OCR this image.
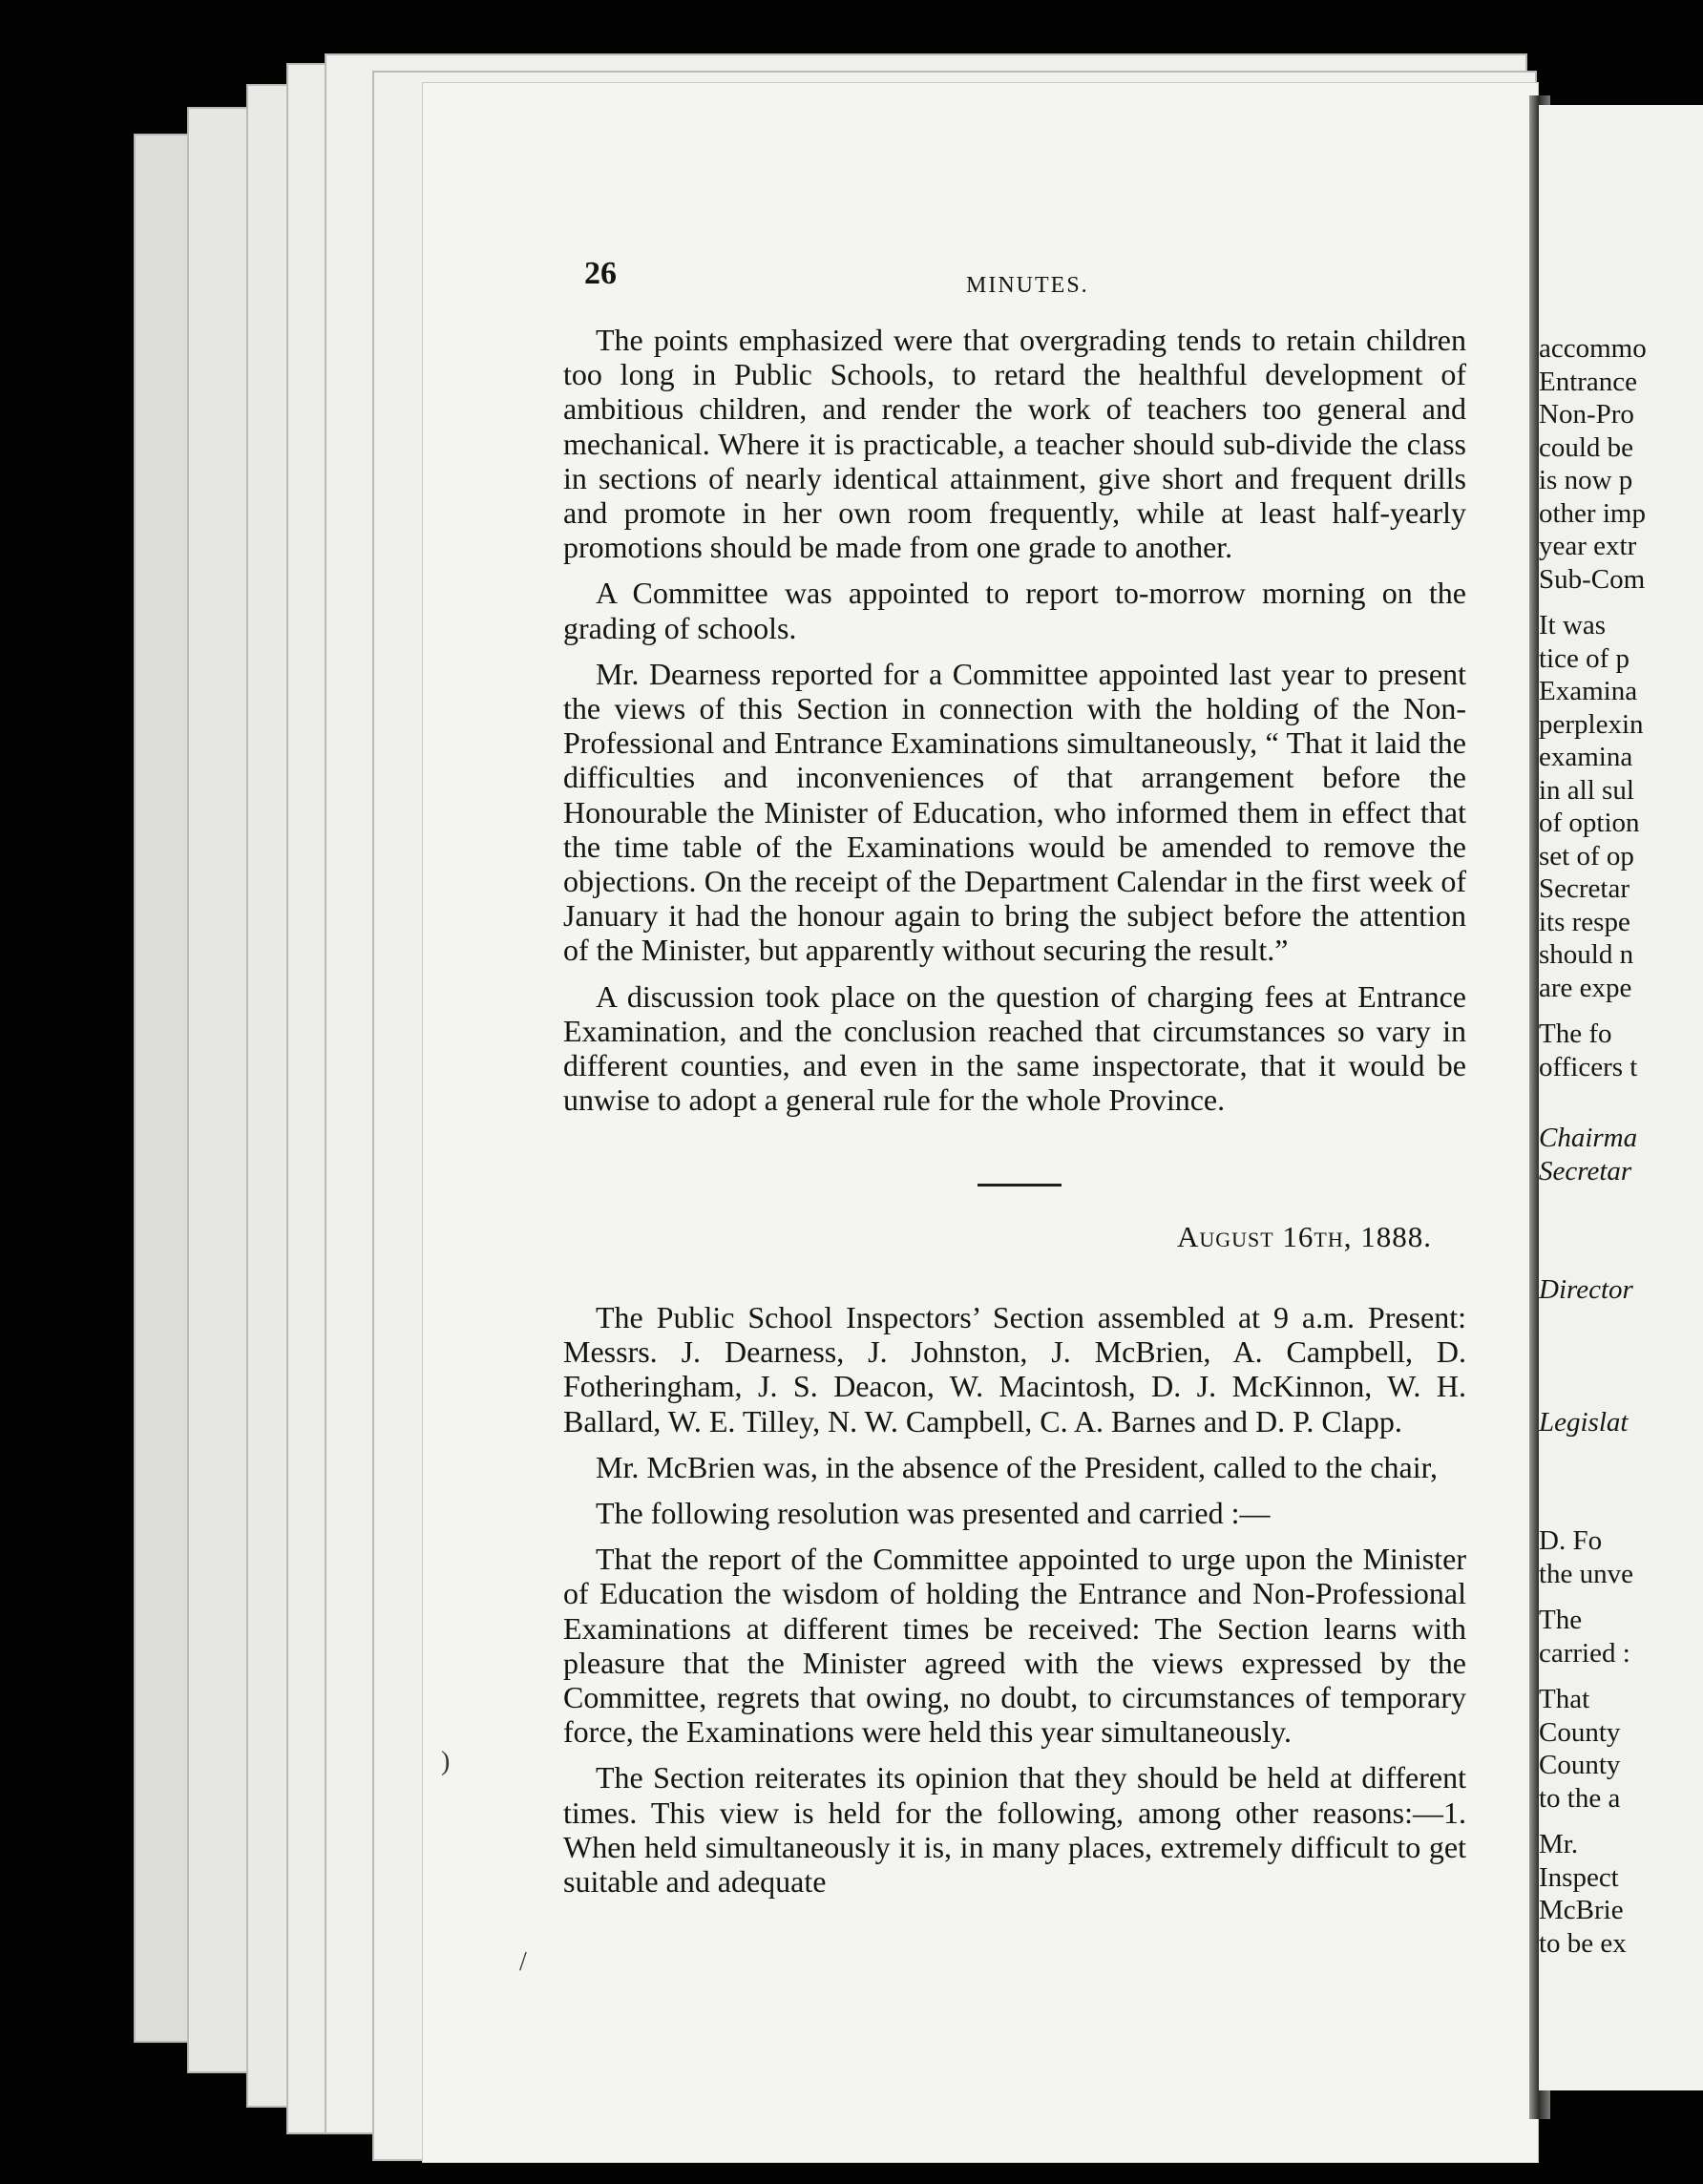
26	MINUTES.

The points emphasized were that overgrading tends to retain children too long in Public Schools, to retard the healthful development of ambitious children, and render the work of teachers too general and mechanical. Where it is practicable, a teacher should sub-divide the class in sections of nearly identical attainment, give short and frequent drills and promote in her own room frequently, while at least half-yearly promotions should be made from one grade to another.

A Committee was appointed to report to-morrow morning on the grading of schools.

Mr. Dearness reported for a Committee appointed last year to present the views of this Section in connection with the holding of the Non-Professional and Entrance Examinations simultaneously, “ That it laid the difficulties and inconveniences of that arrangement before the Honourable the Minister of Education, who informed them in effect that the time table of the Examinations would be amended to remove the objections. On the receipt of the Department Calendar in the first week of January it had the honour again to bring the subject before the attention of the Minister, but apparently without securing the result.”

A discussion took place on the question of charging fees at Entrance Examination, and the conclusion reached that circumstances so vary in different counties, and even in the same inspectorate, that it would be unwise to adopt a general rule for the whole Province.

August 16th, 1888.

The Public School Inspectors’ Section assembled at 9 a.m. Present: Messrs. J. Dearness, J. Johnston, J. McBrien, A. Campbell, D. Fotheringham, J. S. Deacon, W. Macintosh, D. J. McKinnon, W. H. Ballard, W. E. Tilley, N. W. Campbell, C. A. Barnes and D. P. Clapp.

Mr. McBrien was, in the absence of the President, called to the chair,

The following resolution was presented and carried :—

That the report of the Committee appointed to urge upon the Minister of Education the wisdom of holding the Entrance and Non-Professional Examinations at different times be received: The Section learns with pleasure that the Minister agreed with the views expressed by the Committee, regrets that owing, no doubt, to circumstances of temporary force, the Examinations were held this year simultaneously.

The Section reiterates its opinion that they should be held at different times. This view is held for the following, among other reasons:—1. When held simultaneously it is, in many places, extremely difficult to get suitable and adequate

)
/
accommo
Entrance
Non-Pro
could be
is now p
other imp
year extr
Sub-Com
It was
tice of p
Examina
perplexin
examina
in all sul
of option
set of op
Secretar
its respe
should n
are expe
The fo
officers t
Chairma
Secretar
Director
Legislat
D. Fo
the unve
The
carried :
That
County
County
to the a
Mr.
Inspect
McBrie
to be ex
